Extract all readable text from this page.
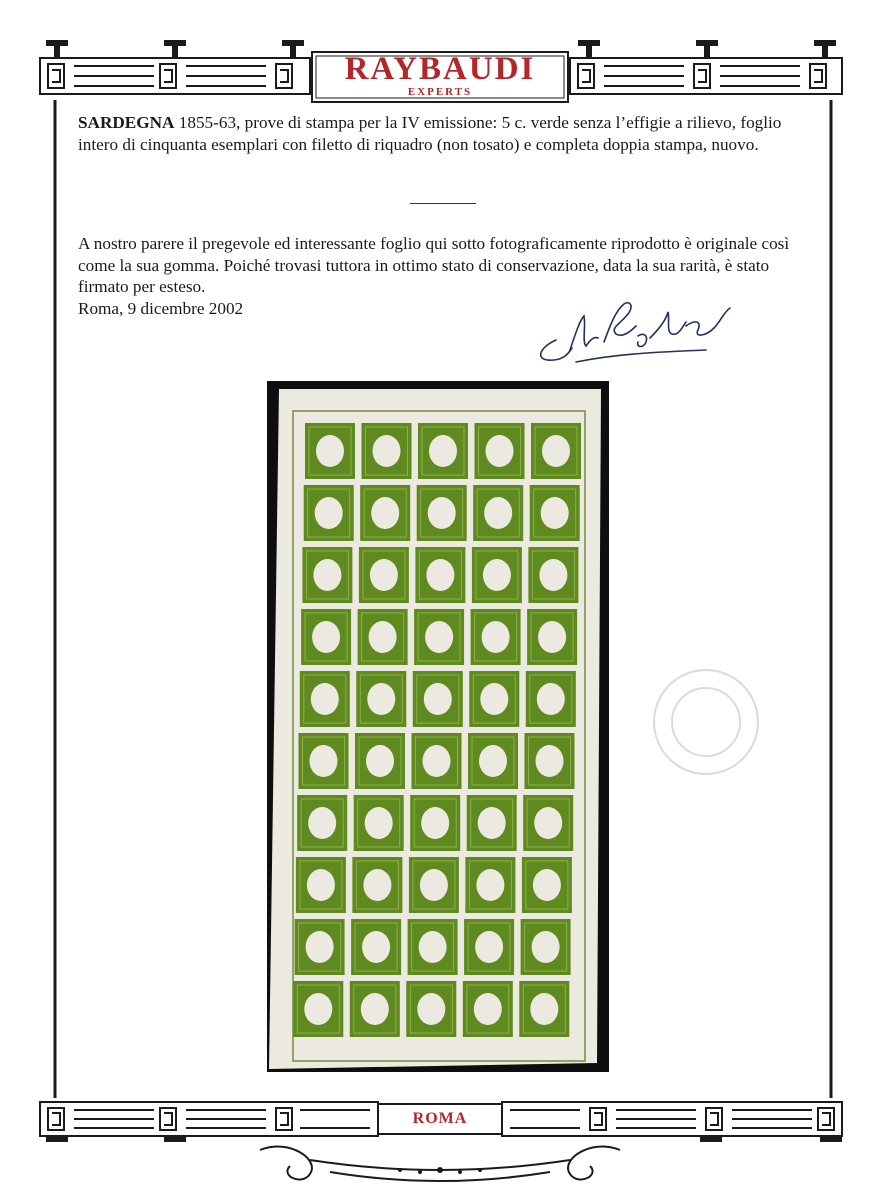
RAYBAUDI
EXPERTS
ROMA
SARDEGNA 1855-63, prove di stampa per la IV emissione: 5 c. verde senza l’effigie a rilievo, foglio intero di cinquanta esemplari con filetto di riquadro (non tosato) e completa doppia stampa, nuovo.
A nostro parere il pregevole ed interessante foglio qui sotto fotograficamente riprodotto è originale così come la sua gomma. Poiché trovasi tuttora in ottimo stato di conservazione, data la sua rarità, è stato firmato per esteso.
Roma, 9 dicembre 2002
